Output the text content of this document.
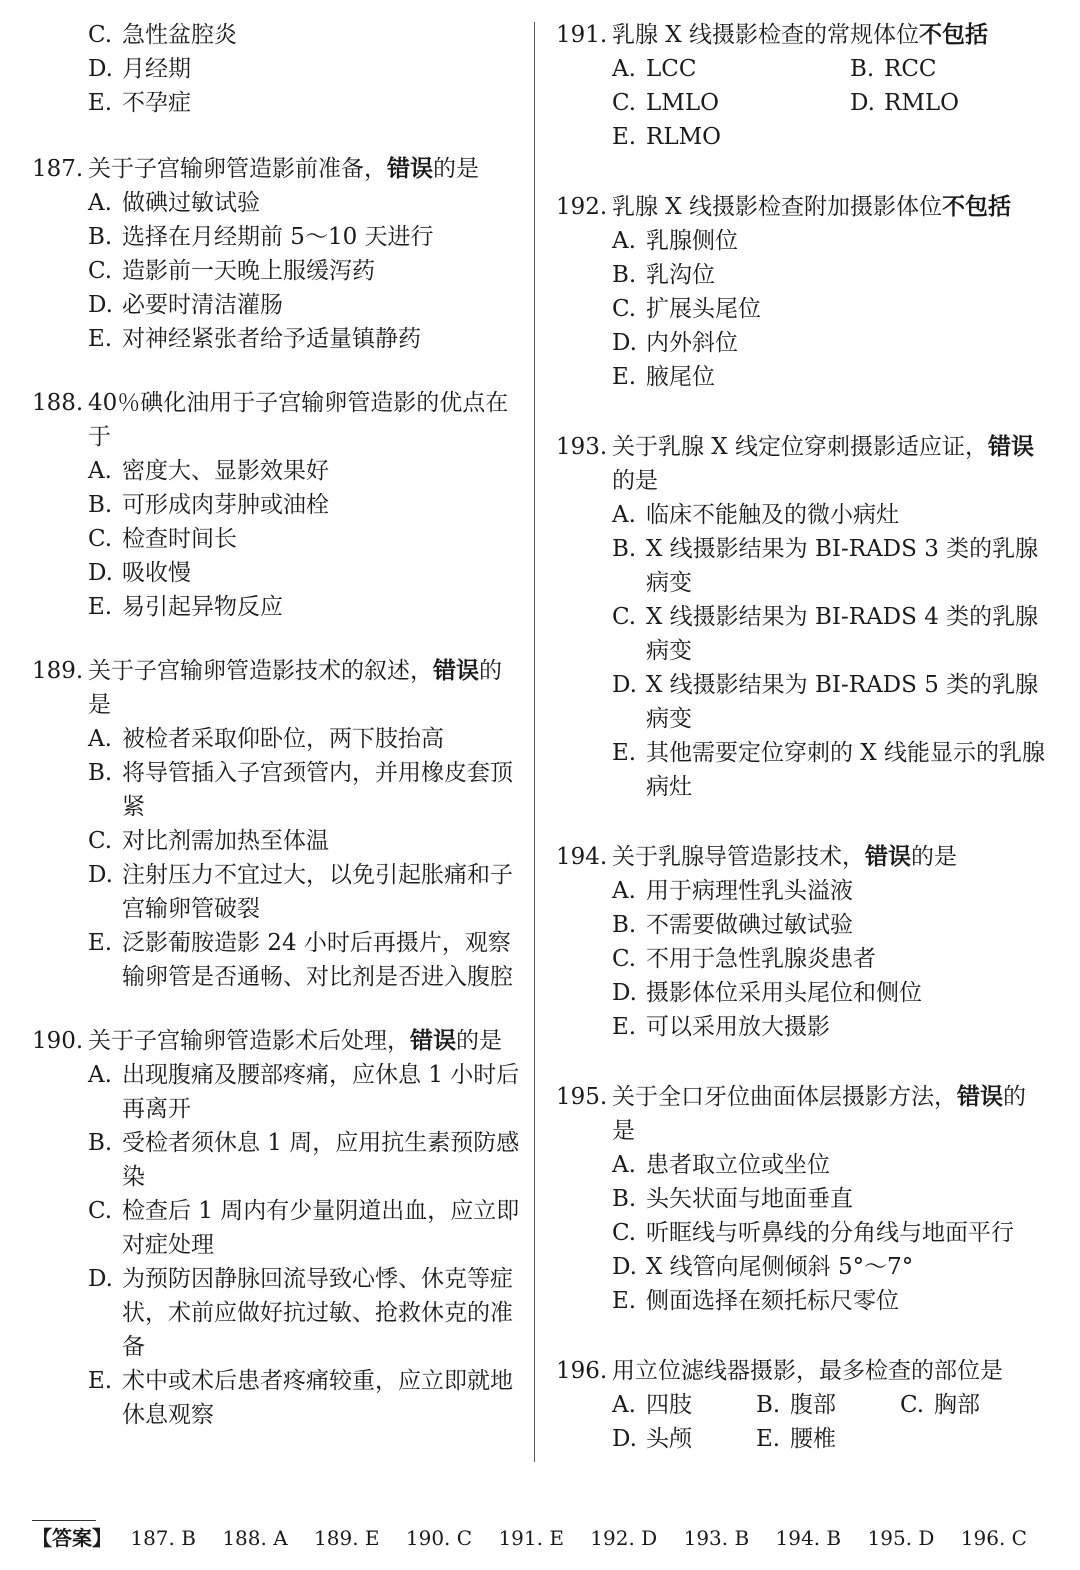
C. 急性盆腔炎
D. 月经期
E. 不孕症
187. 关于子宫输卵管造影前准备，错误的是
A. 做碘过敏试验
B. 选择在月经期前 5～10 天进行
C. 造影前一天晚上服缓泻药
D. 必要时清洁灌肠
E. 对神经紧张者给予适量镇静药
188. 40％碘化油用于子宫输卵管造影的优点在于
A. 密度大、显影效果好
B. 可形成肉芽肿或油栓
C. 检查时间长
D. 吸收慢
E. 易引起异物反应
189. 关于子宫输卵管造影技术的叙述，错误的是
A. 被检者采取仰卧位，两下肢抬高
B. 将导管插入子宫颈管内，并用橡皮套顶紧
C. 对比剂需加热至体温
D. 注射压力不宜过大，以免引起胀痛和子宫输卵管破裂
E. 泛影葡胺造影 24 小时后再摄片，观察输卵管是否通畅、对比剂是否进入腹腔
190. 关于子宫输卵管造影术后处理，错误的是
A. 出现腹痛及腰部疼痛，应休息 1 小时后再离开
B. 受检者须休息 1 周，应用抗生素预防感染
C. 检查后 1 周内有少量阴道出血，应立即对症处理
D. 为预防因静脉回流导致心悸、休克等症状，术前应做好抗过敏、抢救休克的准备
E. 术中或术后患者疼痛较重，应立即就地休息观察
191. 乳腺 X 线摄影检查的常规体位不包括
A. LCC	B. RCC
C. LMLO	D. RMLO
E. RLMO
192. 乳腺 X 线摄影检查附加摄影体位不包括
A. 乳腺侧位
B. 乳沟位
C. 扩展头尾位
D. 内外斜位
E. 腋尾位
193. 关于乳腺 X 线定位穿刺摄影适应证，错误的是
A. 临床不能触及的微小病灶
B. X 线摄影结果为 BI-RADS 3 类的乳腺病变
C. X 线摄影结果为 BI-RADS 4 类的乳腺病变
D. X 线摄影结果为 BI-RADS 5 类的乳腺病变
E. 其他需要定位穿刺的 X 线能显示的乳腺病灶
194. 关于乳腺导管造影技术，错误的是
A. 用于病理性乳头溢液
B. 不需要做碘过敏试验
C. 不用于急性乳腺炎患者
D. 摄影体位采用头尾位和侧位
E. 可以采用放大摄影
195. 关于全口牙位曲面体层摄影方法，错误的是
A. 患者取立位或坐位
B. 头矢状面与地面垂直
C. 听眶线与听鼻线的分角线与地面平行
D. X 线管向尾侧倾斜 5°～7°
E. 侧面选择在颏托标尺零位
196. 用立位滤线器摄影，最多检查的部位是
A. 四肢	B. 腹部	C. 胸部
D. 头颅	E. 腰椎
【答案】 187. B 188. A 189. E 190. C 191. E 192. D 193. B 194. B 195. D 196. C
